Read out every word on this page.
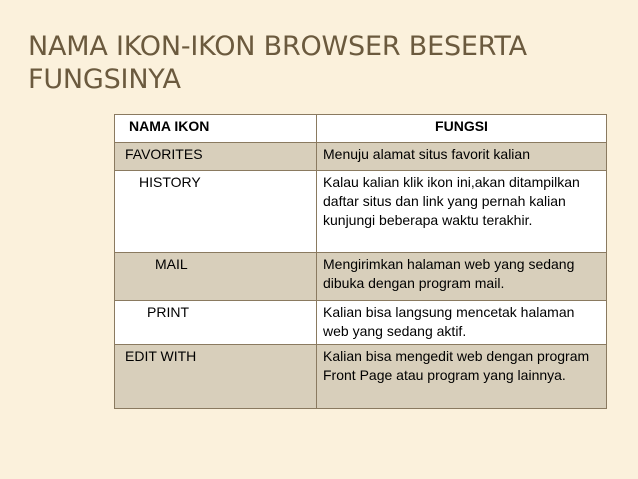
NAMA IKON-IKON BROWSER BESERTA
FUNGSINYA
NAMA IKON	FUNGSI
FAVORITES	Menuju alamat situs favorit kalian
HISTORY	Kalau kalian klik ikon ini,akan ditampilkan daftar situs dan link yang pernah kalian kunjungi beberapa waktu terakhir.
MAIL	Mengirimkan halaman web yang sedang dibuka dengan program mail.
PRINT	Kalian bisa langsung mencetak halaman web yang sedang aktif.
EDIT WITH	Kalian bisa mengedit web dengan program Front Page atau program yang lainnya.
